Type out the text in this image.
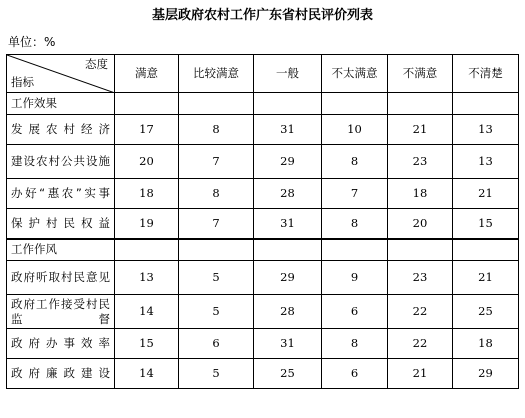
基层政府农村工作广东省村民评价列表
单位：%
态度
指标	满意	比较满意	一般	不太满意	不满意	不清楚
工作效果						
发展农村经济	17	8	31	10	21	13
建设农村公共设施	20	7	29	8	23	13
办好“惠农”实事	18	8	28	7	18	21
保护村民权益	19	7	31	8	20	15
工作作风						
政府听取村民意见	13	5	29	9	23	21
政府工作接受村民监督	14	5	28	6	22	25
政府办事效率	15	6	31	8	22	18
政府廉政建设	14	5	25	6	21	29
